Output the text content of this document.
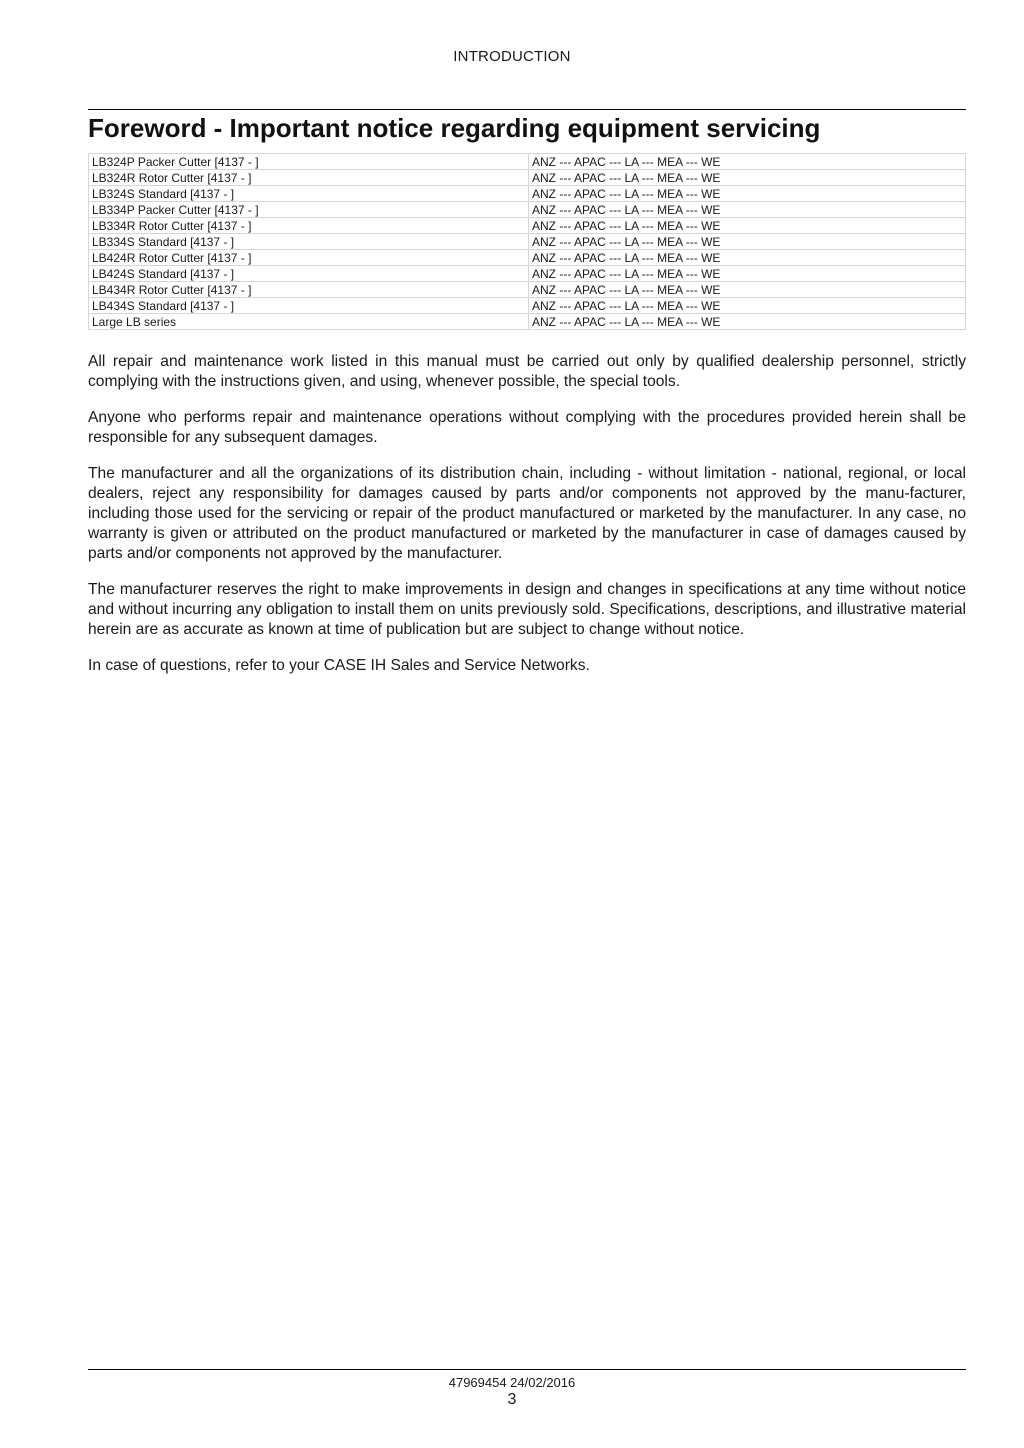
INTRODUCTION
Foreword - Important notice regarding equipment servicing
LB324P Packer Cutter [4137 - ]	ANZ --- APAC --- LA --- MEA --- WE
LB324R Rotor Cutter [4137 - ]	ANZ --- APAC --- LA --- MEA --- WE
LB324S Standard [4137 - ]	ANZ --- APAC --- LA --- MEA --- WE
LB334P Packer Cutter [4137 - ]	ANZ --- APAC --- LA --- MEA --- WE
LB334R Rotor Cutter [4137 - ]	ANZ --- APAC --- LA --- MEA --- WE
LB334S Standard [4137 - ]	ANZ --- APAC --- LA --- MEA --- WE
LB424R Rotor Cutter [4137 - ]	ANZ --- APAC --- LA --- MEA --- WE
LB424S Standard [4137 - ]	ANZ --- APAC --- LA --- MEA --- WE
LB434R Rotor Cutter [4137 - ]	ANZ --- APAC --- LA --- MEA --- WE
LB434S Standard [4137 - ]	ANZ --- APAC --- LA --- MEA --- WE
Large LB series	ANZ --- APAC --- LA --- MEA --- WE

All repair and maintenance work listed in this manual must be carried out only by qualified dealership personnel, strictly complying with the instructions given, and using, whenever possible, the special tools.

Anyone who performs repair and maintenance operations without complying with the procedures provided herein shall be responsible for any subsequent damages.

The manufacturer and all the organizations of its distribution chain, including - without limitation - national, regional, or local dealers, reject any responsibility for damages caused by parts and/or components not approved by the manu-facturer, including those used for the servicing or repair of the product manufactured or marketed by the manufacturer. In any case, no warranty is given or attributed on the product manufactured or marketed by the manufacturer in case of damages caused by parts and/or components not approved by the manufacturer.

The manufacturer reserves the right to make improvements in design and changes in specifications at any time without notice and without incurring any obligation to install them on units previously sold. Specifications, descriptions, and illustrative material herein are as accurate as known at time of publication but are subject to change without notice.

In case of questions, refer to your CASE IH Sales and Service Networks.

47969454 24/02/2016
3
